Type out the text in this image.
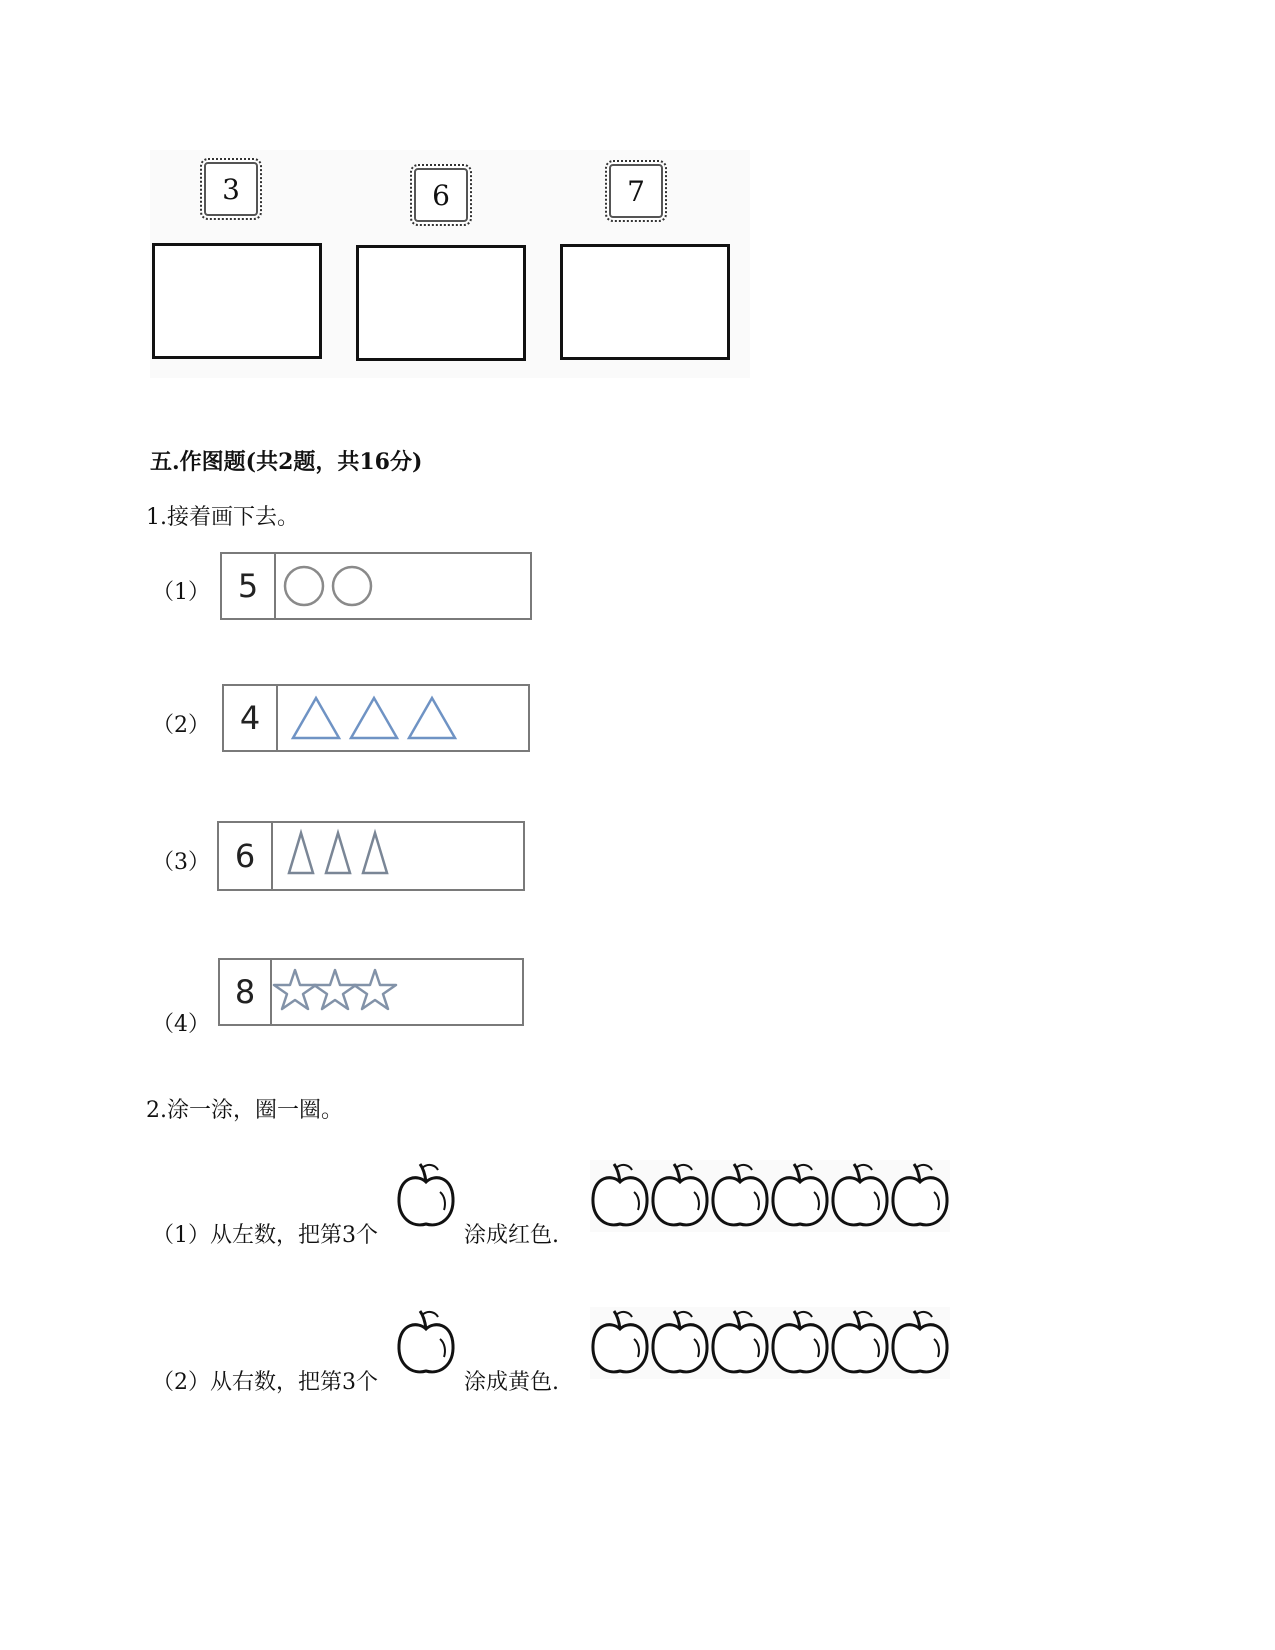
3	6	7
五.作图题(共2题，共16分)
1.接着画下去。
（1） 5
（2） 4
（3） 6
（4）
8
2.涂一涂，圈一圈。
（1）从左数，把第3个	涂成红色.
（2）从右数，把第3个	涂成黄色.
